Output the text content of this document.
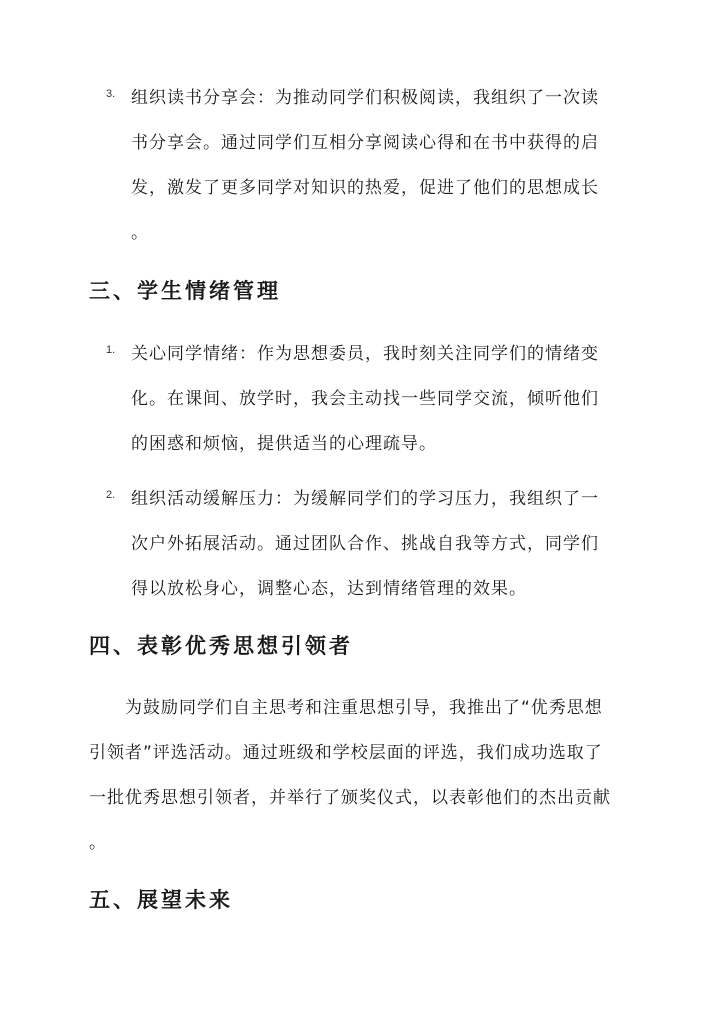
3. 组织读书分享会：为推动同学们积极阅读，我组织了一次读
书分享会。通过同学们互相分享阅读心得和在书中获得的启
发，激发了更多同学对知识的热爱，促进了他们的思想成长
。
三、学生情绪管理
1. 关心同学情绪：作为思想委员，我时刻关注同学们的情绪变
化。在课间、放学时，我会主动找一些同学交流，倾听他们
的困惑和烦恼，提供适当的心理疏导。
2. 组织活动缓解压力：为缓解同学们的学习压力，我组织了一
次户外拓展活动。通过团队合作、挑战自我等方式，同学们
得以放松身心，调整心态，达到情绪管理的效果。
四、表彰优秀思想引领者
　　为鼓励同学们自主思考和注重思想引导，我推出了“优秀思想
引领者”评选活动。通过班级和学校层面的评选，我们成功选取了
一批优秀思想引领者，并举行了颁奖仪式，以表彰他们的杰出贡献
。
五、展望未来
